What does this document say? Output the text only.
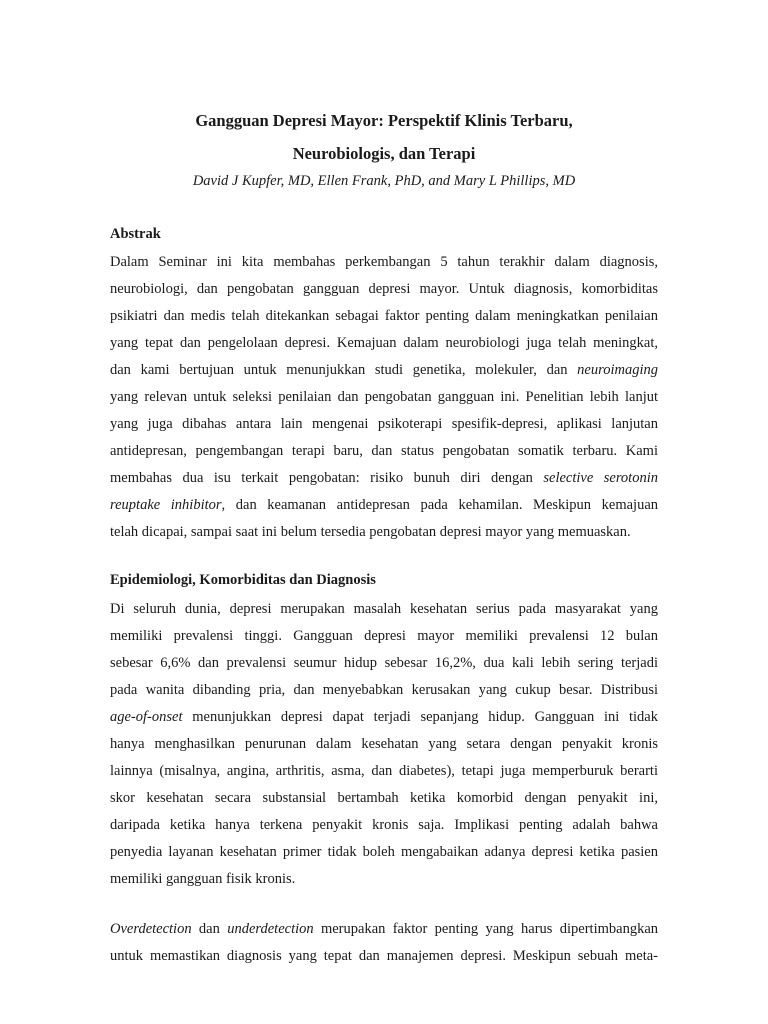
Gangguan Depresi Mayor: Perspektif Klinis Terbaru,
Neurobiologis, dan Terapi
David J Kupfer, MD, Ellen Frank, PhD, and Mary L Phillips, MD
Abstrak
Dalam Seminar ini kita membahas perkembangan 5 tahun terakhir dalam diagnosis,
neurobiologi, dan pengobatan gangguan depresi mayor. Untuk diagnosis, komorbiditas
psikiatri dan medis telah ditekankan sebagai faktor penting dalam meningkatkan penilaian
yang tepat dan pengelolaan depresi. Kemajuan dalam neurobiologi juga telah meningkat,
dan kami bertujuan untuk menunjukkan studi genetika, molekuler, dan neuroimaging
yang relevan untuk seleksi penilaian dan pengobatan gangguan ini. Penelitian lebih lanjut
yang juga dibahas antara lain mengenai psikoterapi spesifik-depresi, aplikasi lanjutan
antidepresan, pengembangan terapi baru, dan status pengobatan somatik terbaru. Kami
membahas dua isu terkait pengobatan: risiko bunuh diri dengan selective serotonin
reuptake inhibitor, dan keamanan antidepresan pada kehamilan. Meskipun kemajuan
telah dicapai, sampai saat ini belum tersedia pengobatan depresi mayor yang memuaskan.
Epidemiologi, Komorbiditas dan Diagnosis
Di seluruh dunia, depresi merupakan masalah kesehatan serius pada masyarakat yang
memiliki prevalensi tinggi. Gangguan depresi mayor memiliki prevalensi 12 bulan
sebesar 6,6% dan prevalensi seumur hidup sebesar 16,2%, dua kali lebih sering terjadi
pada wanita dibanding pria, dan menyebabkan kerusakan yang cukup besar. Distribusi
age-of-onset menunjukkan depresi dapat terjadi sepanjang hidup. Gangguan ini tidak
hanya menghasilkan penurunan dalam kesehatan yang setara dengan penyakit kronis
lainnya (misalnya, angina, arthritis, asma, dan diabetes), tetapi juga memperburuk berarti
skor kesehatan secara substansial bertambah ketika komorbid dengan penyakit ini,
daripada ketika hanya terkena penyakit kronis saja. Implikasi penting adalah bahwa
penyedia layanan kesehatan primer tidak boleh mengabaikan adanya depresi ketika pasien
memiliki gangguan fisik kronis.
Overdetection dan underdetection merupakan faktor penting yang harus dipertimbangkan
untuk memastikan diagnosis yang tepat dan manajemen depresi. Meskipun sebuah meta-
